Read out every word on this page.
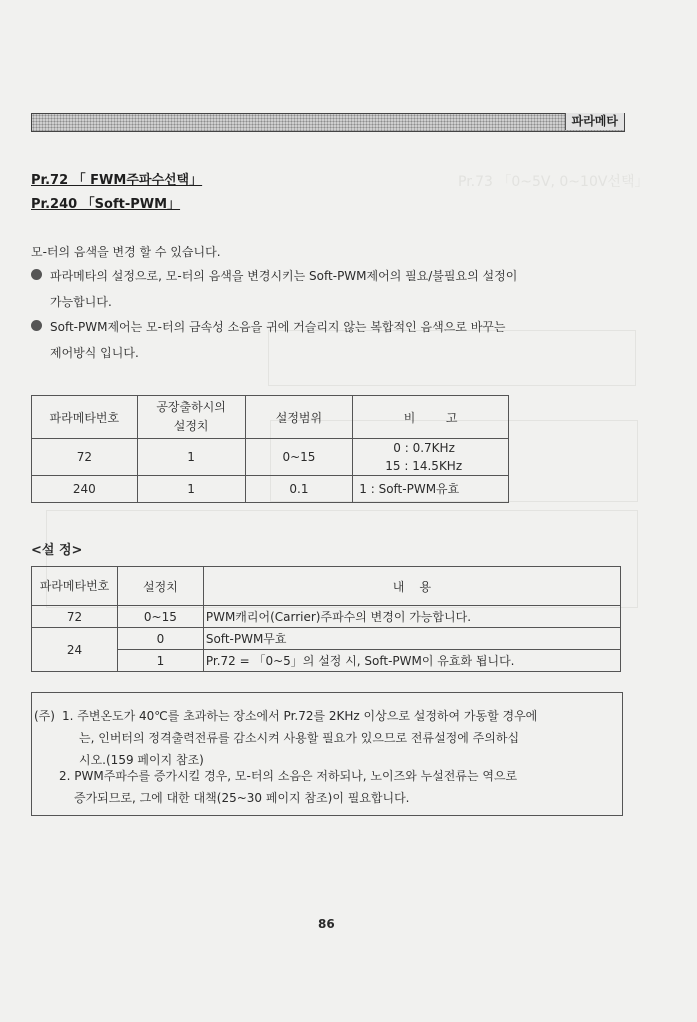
Pr.73 「0~5V, 0~10V선택」
파라메타
Pr.72 「 FWM주파수선택」
Pr.240 「Soft-PWM」
모-터의 음색을 변경 할 수 있습니다.
파라메타의 설정으로, 모-터의 음색을 변경시키는 Soft-PWM제어의 필요/불필요의 설정이
가능합니다.
Soft-PWM제어는 모-터의 금속성 소음을 귀에 거슬리지 않는 복합적인 음색으로 바꾸는
제어방식 입니다.
파라메타번호	공장출하시의 설정치	설정범위	비        고
72	1	0~15	0 : 0.7KHz
15 : 14.5KHz

240	1	0.1	1 : Soft-PWM유효
<설 정>
파라메타번호	설정치	내    용
72	0~15	PWM캐리어(Carrier)주파수의 변경이 가능합니다.
24	0	Soft-PWM무효
	1	Pr.72 = 「0~5」의 설정 시, Soft-PWM이 유효화 됩니다.
(주) 1. 주변온도가 40℃를 초과하는 장소에서 Pr.72를 2KHz 이상으로 설정하여 가동할 경우에
는, 인버터의 정격출력전류를 감소시켜 사용할 필요가 있으므로 전류설정에 주의하십
시오.(159 페이지 참조)
2. PWM주파수를 증가시킬 경우, 모-터의 소음은 저하되나, 노이즈와 누설전류는 역으로
증가되므로, 그에 대한 대책(25~30 페이지 참조)이 필요합니다.
86
